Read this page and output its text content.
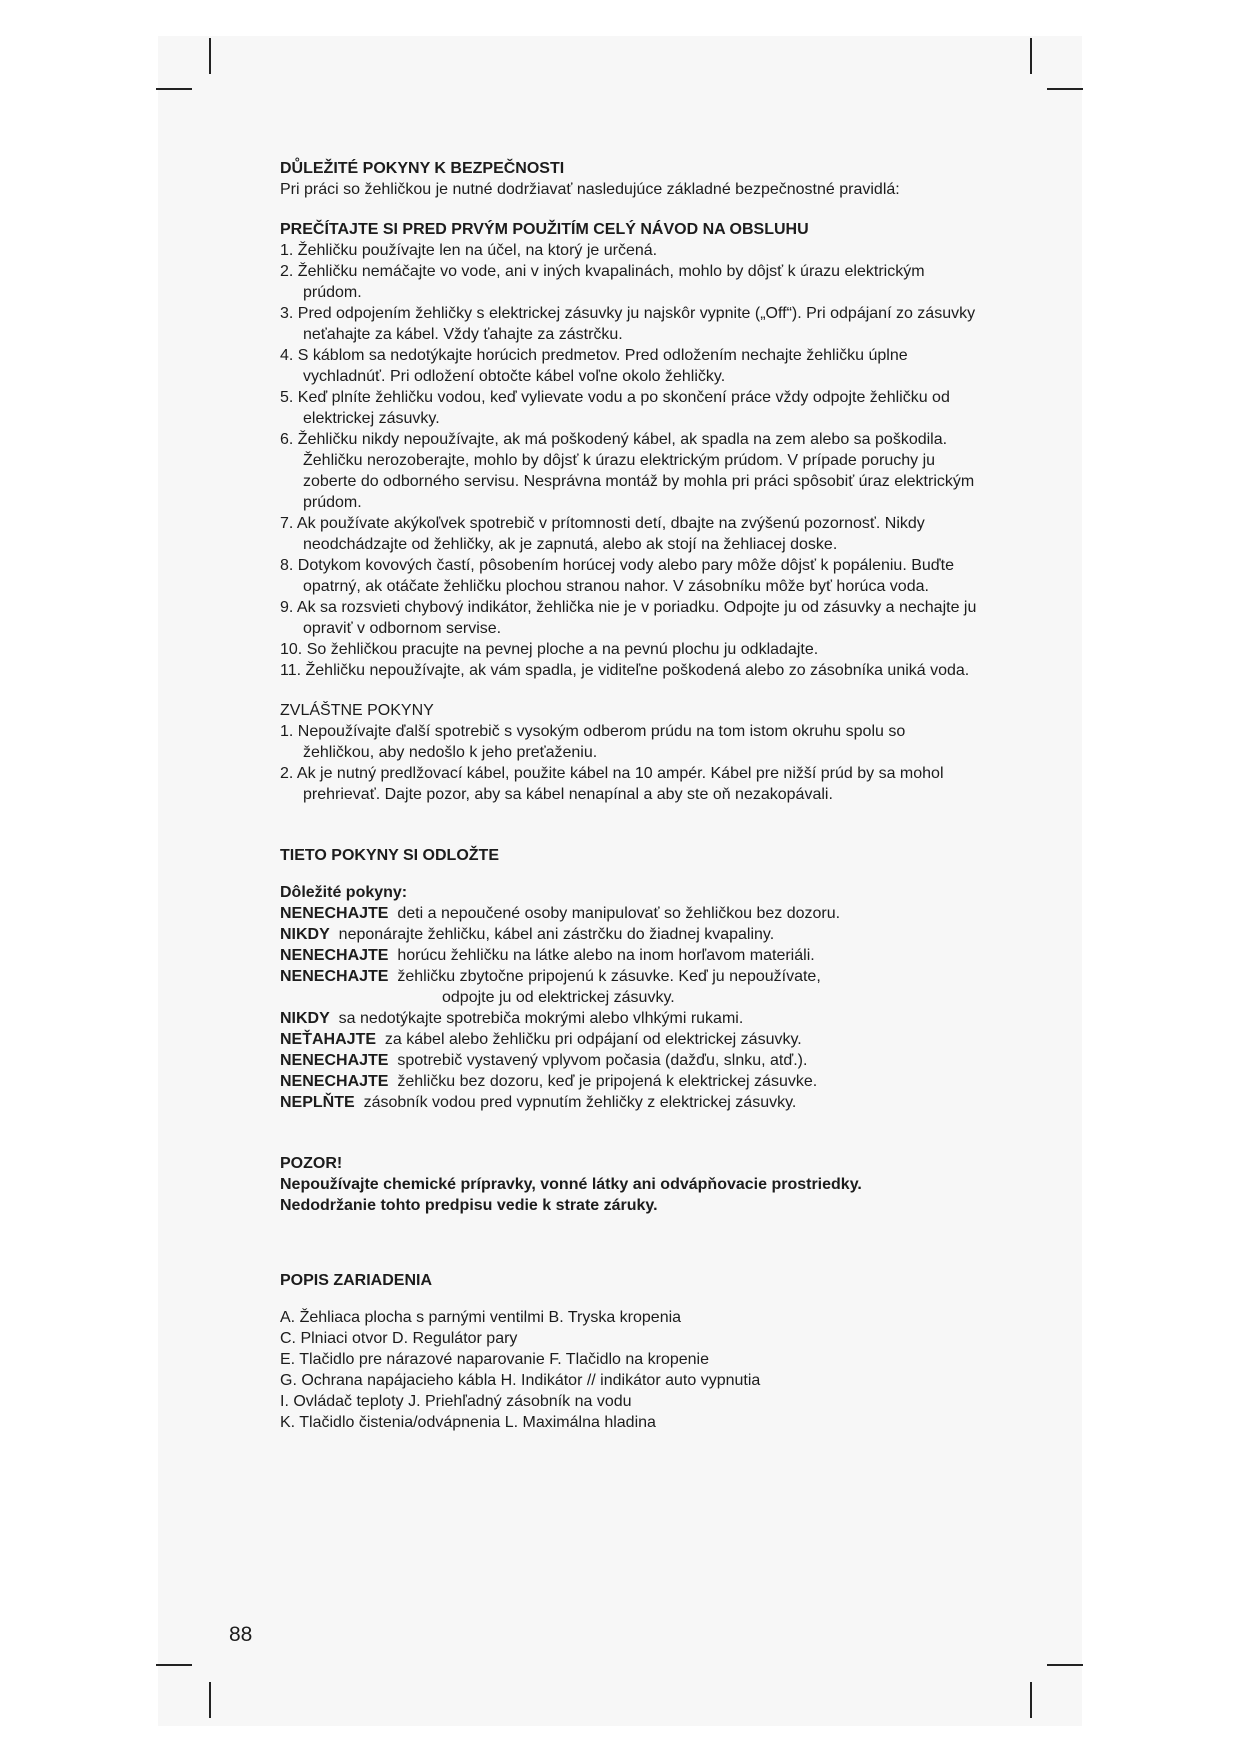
DŮLEŽITÉ POKYNY K BEZPEČNOSTI

Pri práci so žehličkou je nutné dodržiavať nasledujúce základné bezpečnostné pravidlá:

PREČÍTAJTE SI PRED PRVÝM POUŽITÍM CELÝ NÁVOD NA OBSLUHU

1. Žehličku používajte len na účel, na ktorý je určená.
2. Žehličku nemáčajte vo vode, ani v iných kvapalinách, mohlo by dôjsť k úrazu elektrickým prúdom.
3. Pred odpojením žehličky s elektrickej zásuvky ju najskôr vypnite („Off“). Pri odpájaní zo zásuvky neťahajte za kábel. Vždy ťahajte za zástrčku.
4. S káblom sa nedotýkajte horúcich predmetov. Pred odložením nechajte žehličku úplne vychladnúť. Pri odložení obtočte kábel voľne okolo žehličky.
5. Keď plníte žehličku vodou, keď vylievate vodu a po skončení práce vždy odpojte žehličku od elektrickej zásuvky.
6. Žehličku nikdy nepoužívajte, ak má poškodený kábel, ak spadla na zem alebo sa poškodila. Žehličku nerozoberajte, mohlo by dôjsť k úrazu elektrickým prúdom. V prípade poruchy ju zoberte do odborného servisu. Nesprávna montáž by mohla pri práci spôsobiť úraz elektrickým prúdom.
7. Ak používate akýkoľvek spotrebič v prítomnosti detí, dbajte na zvýšenú pozornosť. Nikdy neodchádzajte od žehličky, ak je zapnutá, alebo ak stojí na žehliacej doske.
8. Dotykom kovových častí, pôsobením horúcej vody alebo pary môže dôjsť k popáleniu. Buďte opatrný, ak otáčate žehličku plochou stranou nahor. V zásobníku môže byť horúca voda.
9. Ak sa rozsvieti chybový indikátor, žehlička nie je v poriadku. Odpojte ju od zásuvky a nechajte ju opraviť v odbornom servise.
10. So žehličkou pracujte na pevnej ploche a na pevnú plochu ju odkladajte.
11. Žehličku nepoužívajte, ak vám spadla, je viditeľne poškodená alebo zo zásobníka uniká voda.

ZVLÁŠTNE POKYNY

1. Nepoužívajte ďalší spotrebič s vysokým odberom prúdu na tom istom okruhu spolu so žehličkou, aby nedošlo k jeho preťaženiu.
2. Ak je nutný predlžovací kábel, použite kábel na 10 ampér. Kábel pre nižší prúd by sa mohol prehrievať. Dajte pozor, aby sa kábel nenapínal a aby ste oň nezakopávali.

TIETO POKYNY SI ODLOŽTE

Dôležité pokyny:

NENECHAJTE deti a nepoučené osoby manipulovať so žehličkou bez dozoru.

NIKDY neponárajte žehličku, kábel ani zástrčku do žiadnej kvapaliny.

NENECHAJTE horúcu žehličku na látke alebo na inom horľavom materiáli.

NENECHAJTE žehličku zbytočne pripojenú k zásuvke. Keď ju nepoužívate,
odpojte ju od elektrickej zásuvky.

NIKDY sa nedotýkajte spotrebiča mokrými alebo vlhkými rukami.

NEŤAHAJTE za kábel alebo žehličku pri odpájaní od elektrickej zásuvky.

NENECHAJTE spotrebič vystavený vplyvom počasia (dažďu, slnku, atď.).

NENECHAJTE žehličku bez dozoru, keď je pripojená k elektrickej zásuvke.

NEPLŇTE zásobník vodou pred vypnutím žehličky z elektrickej zásuvky.

POZOR!

Nepoužívajte chemické prípravky, vonné látky ani odvápňovacie prostriedky.

Nedodržanie tohto predpisu vedie k strate záruky.

POPIS ZARIADENIA

A. Žehliaca plocha s parnými ventilmi B. Tryska kropenia

C. Plniaci otvor D. Regulátor pary

E. Tlačidlo pre nárazové naparovanie F. Tlačidlo na kropenie

G. Ochrana napájacieho kábla H. Indikátor // indikátor auto vypnutia

I. Ovládač teploty J. Priehľadný zásobník na vodu

K. Tlačidlo čistenia/odvápnenia L. Maximálna hladina

88
